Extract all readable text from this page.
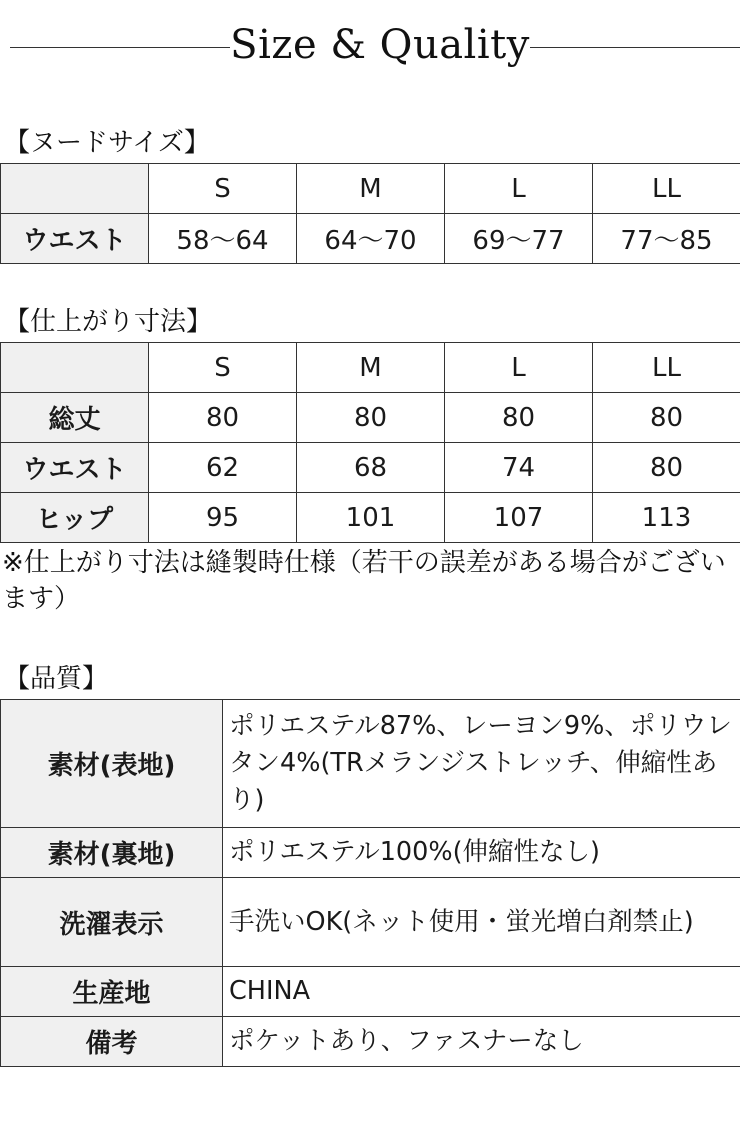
Size & Quality
【ヌードサイズ】
	S	M	L	LL
ウエスト	58〜64	64〜70	69〜77	77〜85
【仕上がり寸法】
	S	M	L	LL
総丈	80	80	80	80
ウエスト	62	68	74	80
ヒップ	95	101	107	113
※仕上がり寸法は縫製時仕様（若干の誤差がある場合がございます）
【品質】
素材(表地)	ポリエステル87%、レーヨン9%、ポリウレタン4%(TRメランジストレッチ、伸縮性あり)
素材(裏地)	ポリエステル100%(伸縮性なし)
洗濯表示	手洗いOK(ネット使用・蛍光増白剤禁止)
生産地	CHINA
備考	ポケットあり、ファスナーなし
